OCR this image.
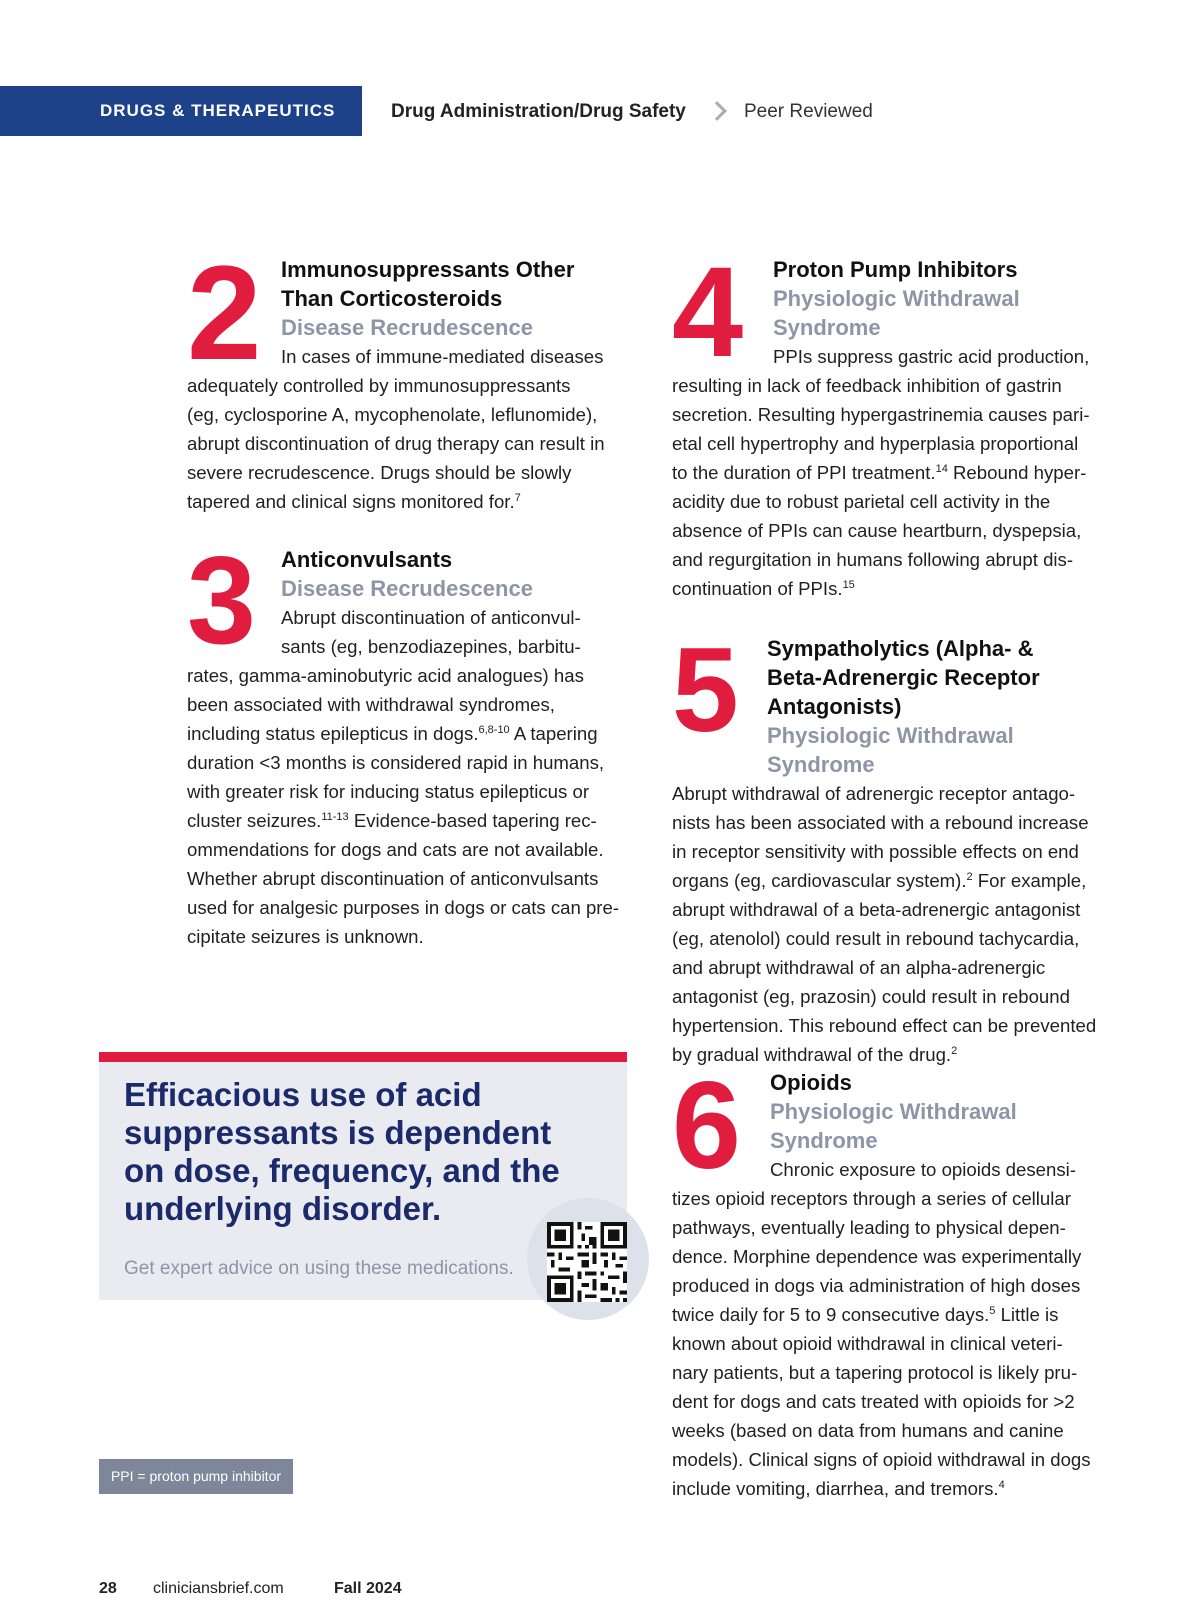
DRUGS & THERAPEUTICS	Drug Administration/Drug Safety	Peer Reviewed
2 Immunosuppressants Other
Than Corticosteroids
Disease Recrudescence
In cases of immune-mediated diseases
adequately controlled by immunosuppressants
(eg, cyclosporine A, mycophenolate, leflunomide),
abrupt discontinuation of drug therapy can result in
severe recrudescence. Drugs should be slowly
tapered and clinical signs monitored for.$^7$
3 Anticonvulsants
Disease Recrudescence
Abrupt discontinuation of anticonvul-
sants (eg, benzodiazepines, barbitu-
rates, gamma-aminobutyric acid analogues) has
been associated with withdrawal syndromes,
including status epilepticus in dogs.$^{6,8-10}$ A tapering
duration <3 months is considered rapid in humans,
with greater risk for inducing status epilepticus or
cluster seizures.$^{11-13}$ Evidence-based tapering rec-
ommendations for dogs and cats are not available.
Whether abrupt discontinuation of anticonvulsants
used for analgesic purposes in dogs or cats can pre-
cipitate seizures is unknown.
4 Proton Pump Inhibitors
Physiologic Withdrawal
Syndrome
PPIs suppress gastric acid production,
resulting in lack of feedback inhibition of gastrin
secretion. Resulting hypergastrinemia causes pari-
etal cell hypertrophy and hyperplasia proportional
to the duration of PPI treatment.$^{14}$ Rebound hyper-
acidity due to robust parietal cell activity in the
absence of PPIs can cause heartburn, dyspepsia,
and regurgitation in humans following abrupt dis-
continuation of PPIs.$^{15}$
5 Sympatholytics (Alpha- &
Beta-Adrenergic Receptor
Antagonists)
Physiologic Withdrawal Syndrome
Abrupt withdrawal of adrenergic receptor antago-
nists has been associated with a rebound increase
in receptor sensitivity with possible effects on end
organs (eg, cardiovascular system).$^2$ For example,
abrupt withdrawal of a beta-adrenergic antagonist
(eg, atenolol) could result in rebound tachycardia,
and abrupt withdrawal of an alpha-adrenergic
antagonist (eg, prazosin) could result in rebound
hypertension. This rebound effect can be prevented
by gradual withdrawal of the drug.$^2$
6 Opioids
Physiologic Withdrawal
Syndrome
Chronic exposure to opioids desensi-
tizes opioid receptors through a series of cellular
pathways, eventually leading to physical depen-
dence. Morphine dependence was experimentally
produced in dogs via administration of high doses
twice daily for 5 to 9 consecutive days.$^5$ Little is
known about opioid withdrawal in clinical veteri-
nary patients, but a tapering protocol is likely pru-
dent for dogs and cats treated with opioids for >2
weeks (based on data from humans and canine
models). Clinical signs of opioid withdrawal in dogs
include vomiting, diarrhea, and tremors.$^4$
Efficacious use of acid
suppressants is dependent
on dose, frequency, and the
underlying disorder.
Get expert advice on using these medications.
PPI = proton pump inhibitor
28 cliniciansbrief.com	Fall 2024
